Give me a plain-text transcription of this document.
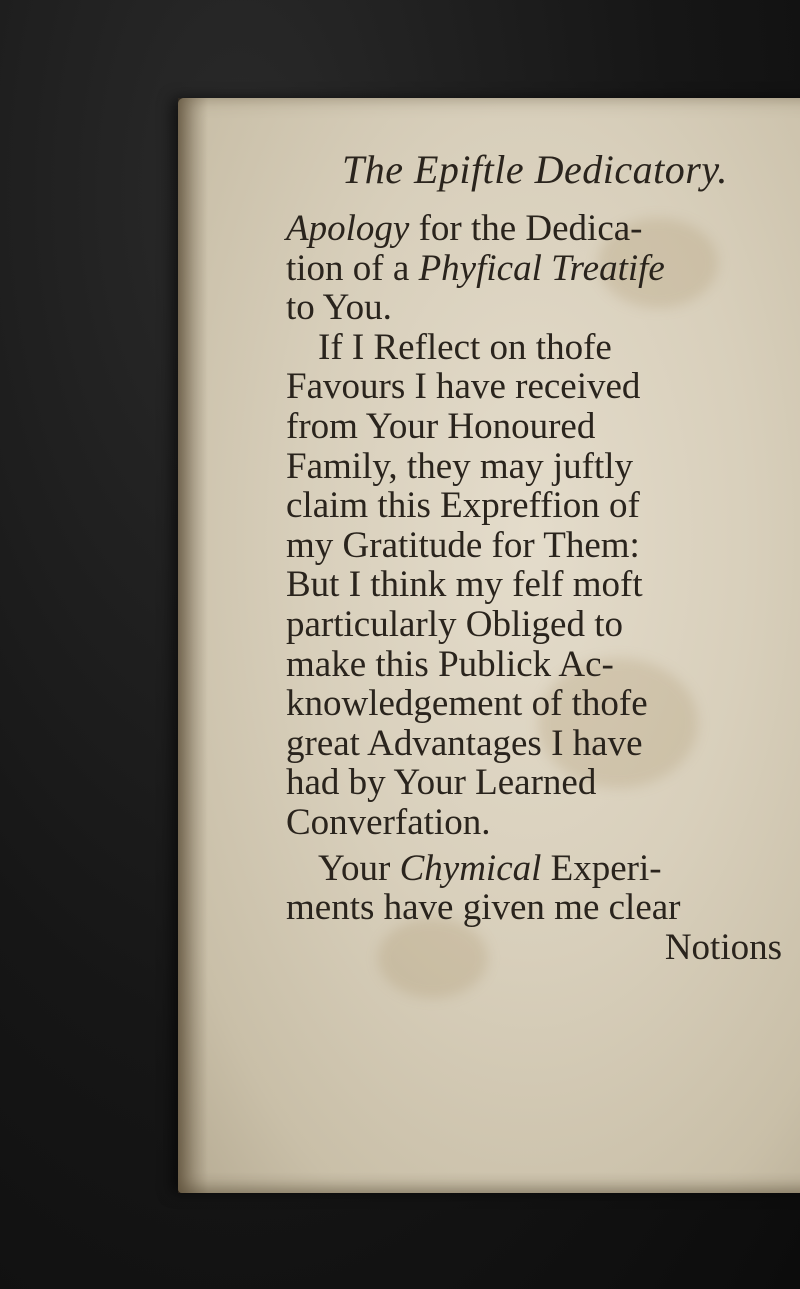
The Epiftle Dedicatory.

Apology for the Dedica-

tion of a Phyfical Treatife

to You.

If I Reflect on thofe

Favours I have received

from Your Honoured

Family, they may juftly

claim this Expreffion of

my Gratitude for Them:

But I think my felf moft

particularly Obliged to

make this Publick Ac-

knowledgement of thofe

great Advantages I have

had by Your Learned

Converfation.

Your Chymical Experi-

ments have given me clear

Notions
